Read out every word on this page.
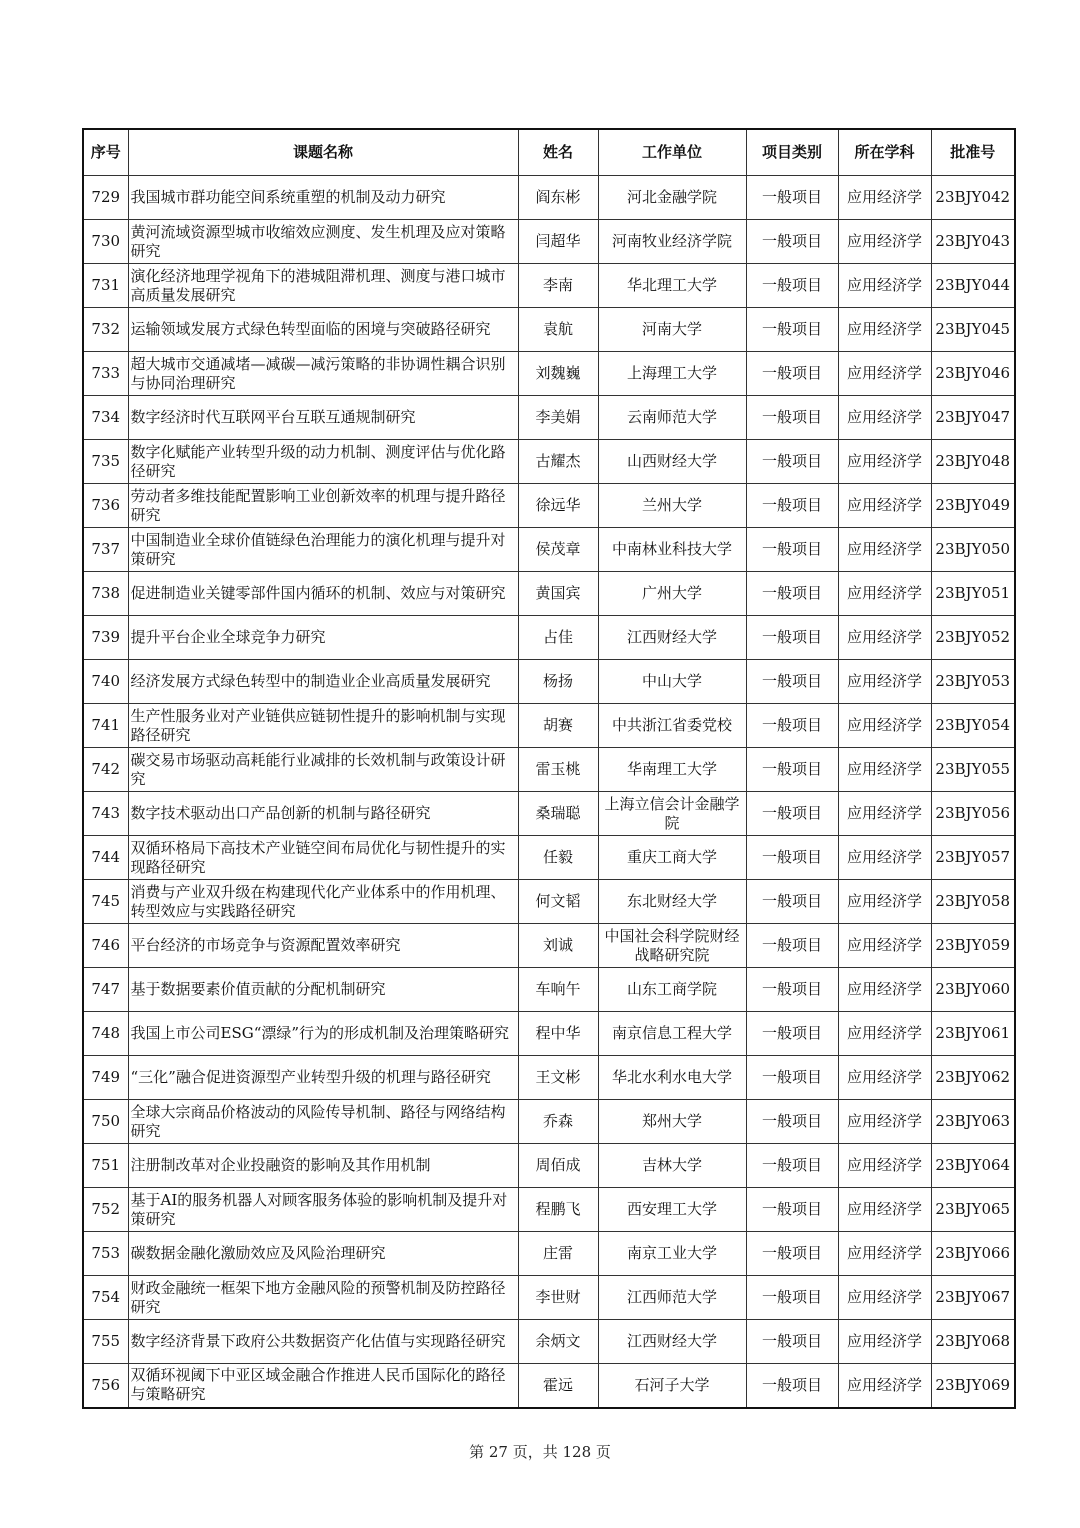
序号	课题名称	姓名	工作单位	项目类别	所在学科	批准号
729	我国城市群功能空间系统重塑的机制及动力研究	阎东彬	河北金融学院	一般项目	应用经济学	23BJY042
730	黄河流域资源型城市收缩效应测度、发生机理及应对策略研究	闫超华	河南牧业经济学院	一般项目	应用经济学	23BJY043
731	演化经济地理学视角下的港城阻滞机理、测度与港口城市高质量发展研究	李南	华北理工大学	一般项目	应用经济学	23BJY044
732	运输领域发展方式绿色转型面临的困境与突破路径研究	袁航	河南大学	一般项目	应用经济学	23BJY045
733	超大城市交通减堵—减碳—减污策略的非协调性耦合识别与协同治理研究	刘魏巍	上海理工大学	一般项目	应用经济学	23BJY046
734	数字经济时代互联网平台互联互通规制研究	李美娟	云南师范大学	一般项目	应用经济学	23BJY047
735	数字化赋能产业转型升级的动力机制、测度评估与优化路径研究	古耀杰	山西财经大学	一般项目	应用经济学	23BJY048
736	劳动者多维技能配置影响工业创新效率的机理与提升路径研究	徐远华	兰州大学	一般项目	应用经济学	23BJY049
737	中国制造业全球价值链绿色治理能力的演化机理与提升对策研究	侯茂章	中南林业科技大学	一般项目	应用经济学	23BJY050
738	促进制造业关键零部件国内循环的机制、效应与对策研究	黄国宾	广州大学	一般项目	应用经济学	23BJY051
739	提升平台企业全球竞争力研究	占佳	江西财经大学	一般项目	应用经济学	23BJY052
740	经济发展方式绿色转型中的制造业企业高质量发展研究	杨扬	中山大学	一般项目	应用经济学	23BJY053
741	生产性服务业对产业链供应链韧性提升的影响机制与实现路径研究	胡赛	中共浙江省委党校	一般项目	应用经济学	23BJY054
742	碳交易市场驱动高耗能行业减排的长效机制与政策设计研究	雷玉桃	华南理工大学	一般项目	应用经济学	23BJY055
743	数字技术驱动出口产品创新的机制与路径研究	桑瑞聪	上海立信会计金融学院	一般项目	应用经济学	23BJY056
744	双循环格局下高技术产业链空间布局优化与韧性提升的实现路径研究	任毅	重庆工商大学	一般项目	应用经济学	23BJY057
745	消费与产业双升级在构建现代化产业体系中的作用机理、转型效应与实践路径研究	何文韬	东北财经大学	一般项目	应用经济学	23BJY058
746	平台经济的市场竞争与资源配置效率研究	刘诚	中国社会科学院财经战略研究院	一般项目	应用经济学	23BJY059
747	基于数据要素价值贡献的分配机制研究	车响午	山东工商学院	一般项目	应用经济学	23BJY060
748	我国上市公司ESG“漂绿”行为的形成机制及治理策略研究	程中华	南京信息工程大学	一般项目	应用经济学	23BJY061
749	“三化”融合促进资源型产业转型升级的机理与路径研究	王文彬	华北水利水电大学	一般项目	应用经济学	23BJY062
750	全球大宗商品价格波动的风险传导机制、路径与网络结构研究	乔森	郑州大学	一般项目	应用经济学	23BJY063
751	注册制改革对企业投融资的影响及其作用机制	周佰成	吉林大学	一般项目	应用经济学	23BJY064
752	基于AI的服务机器人对顾客服务体验的影响机制及提升对策研究	程鹏飞	西安理工大学	一般项目	应用经济学	23BJY065
753	碳数据金融化激励效应及风险治理研究	庄雷	南京工业大学	一般项目	应用经济学	23BJY066
754	财政金融统一框架下地方金融风险的预警机制及防控路径研究	李世财	江西师范大学	一般项目	应用经济学	23BJY067
755	数字经济背景下政府公共数据资产化估值与实现路径研究	余炳文	江西财经大学	一般项目	应用经济学	23BJY068
756	双循环视阈下中亚区域金融合作推进人民币国际化的路径与策略研究	霍远	石河子大学	一般项目	应用经济学	23BJY069
第 27 页，共 128 页
